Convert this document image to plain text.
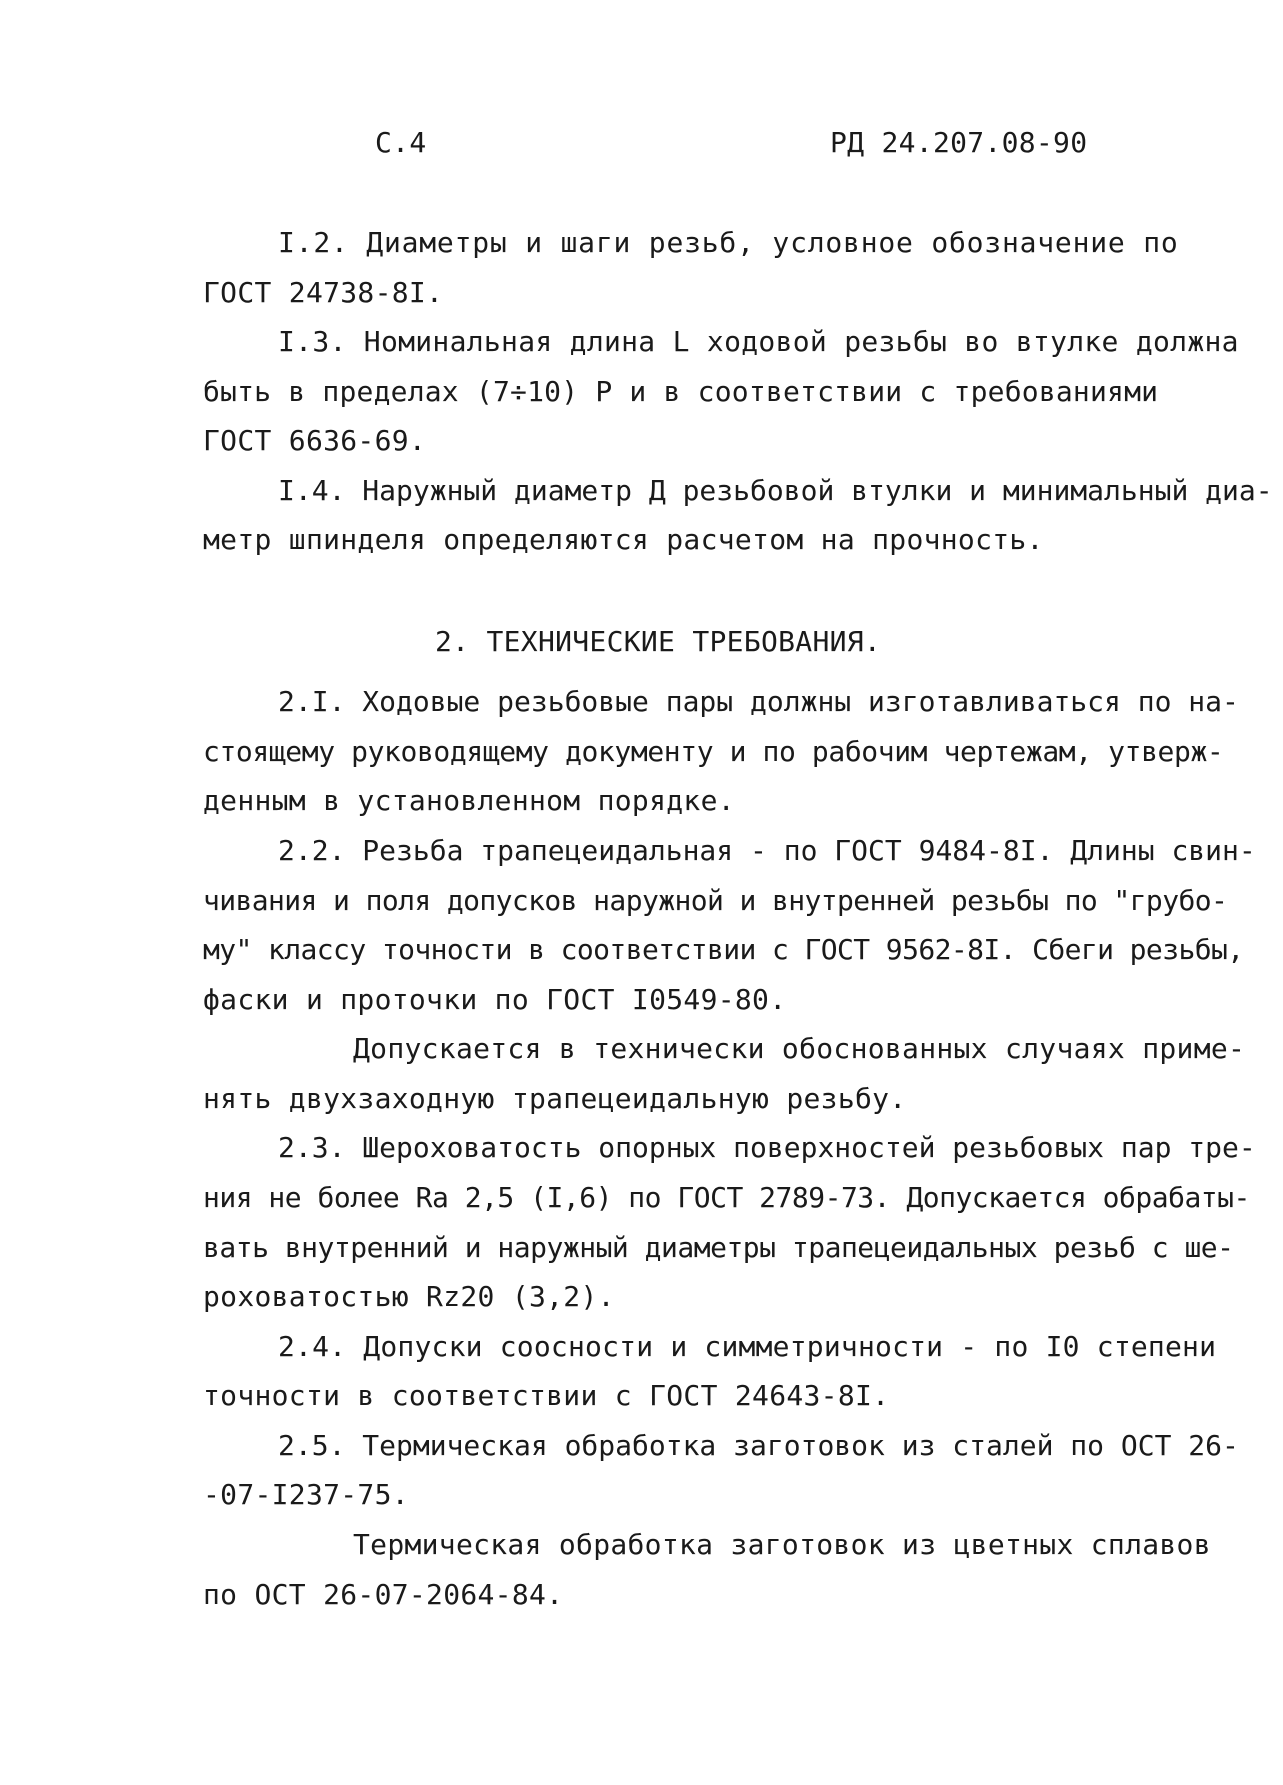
С.4	РД 24.207.08-90
I.2. Диаметры и шаги резьб, условное обозначение по
ГОСТ 24738-8I.
I.3. Номинальная длина L ходовой резьбы во втулке должна
быть в пределах (7÷10) Р и в соответствии с требованиями
ГОСТ 6636-69.
I.4. Наружный диаметр Д резьбовой втулки и минимальный диа-
метр шпинделя определяются расчетом на прочность.
2. ТЕХНИЧЕСКИЕ ТРЕБОВАНИЯ.
2.I. Ходовые резьбовые пары должны изготавливаться по на-
стоящему руководящему документу и по рабочим чертежам, утверж-
денным в установленном порядке.
2.2. Резьба трапецеидальная - по ГОСТ 9484-8I. Длины свин-
чивания и поля допусков наружной и внутренней резьбы по "грубо-
му" классу точности в соответствии с ГОСТ 9562-8I. Сбеги резьбы,
фаски и проточки по ГОСТ I0549-80.
Допускается в технически обоснованных случаях приме-
нять двухзаходную трапецеидальную резьбу.
2.3. Шероховатость опорных поверхностей резьбовых пар тре-
ния не более Ra 2,5 (I,6) по ГОСТ 2789-73. Допускается обрабаты-
вать внутренний и наружный диаметры трапецеидальных резьб с ше-
роховатостью Rz20 (3,2).
2.4. Допуски соосности и симметричности - по I0 степени
точности в соответствии с ГОСТ 24643-8I.
2.5. Термическая обработка заготовок из сталей по ОСТ 26-
-07-I237-75.
Термическая обработка заготовок из цветных сплавов
по ОСТ 26-07-2064-84.
